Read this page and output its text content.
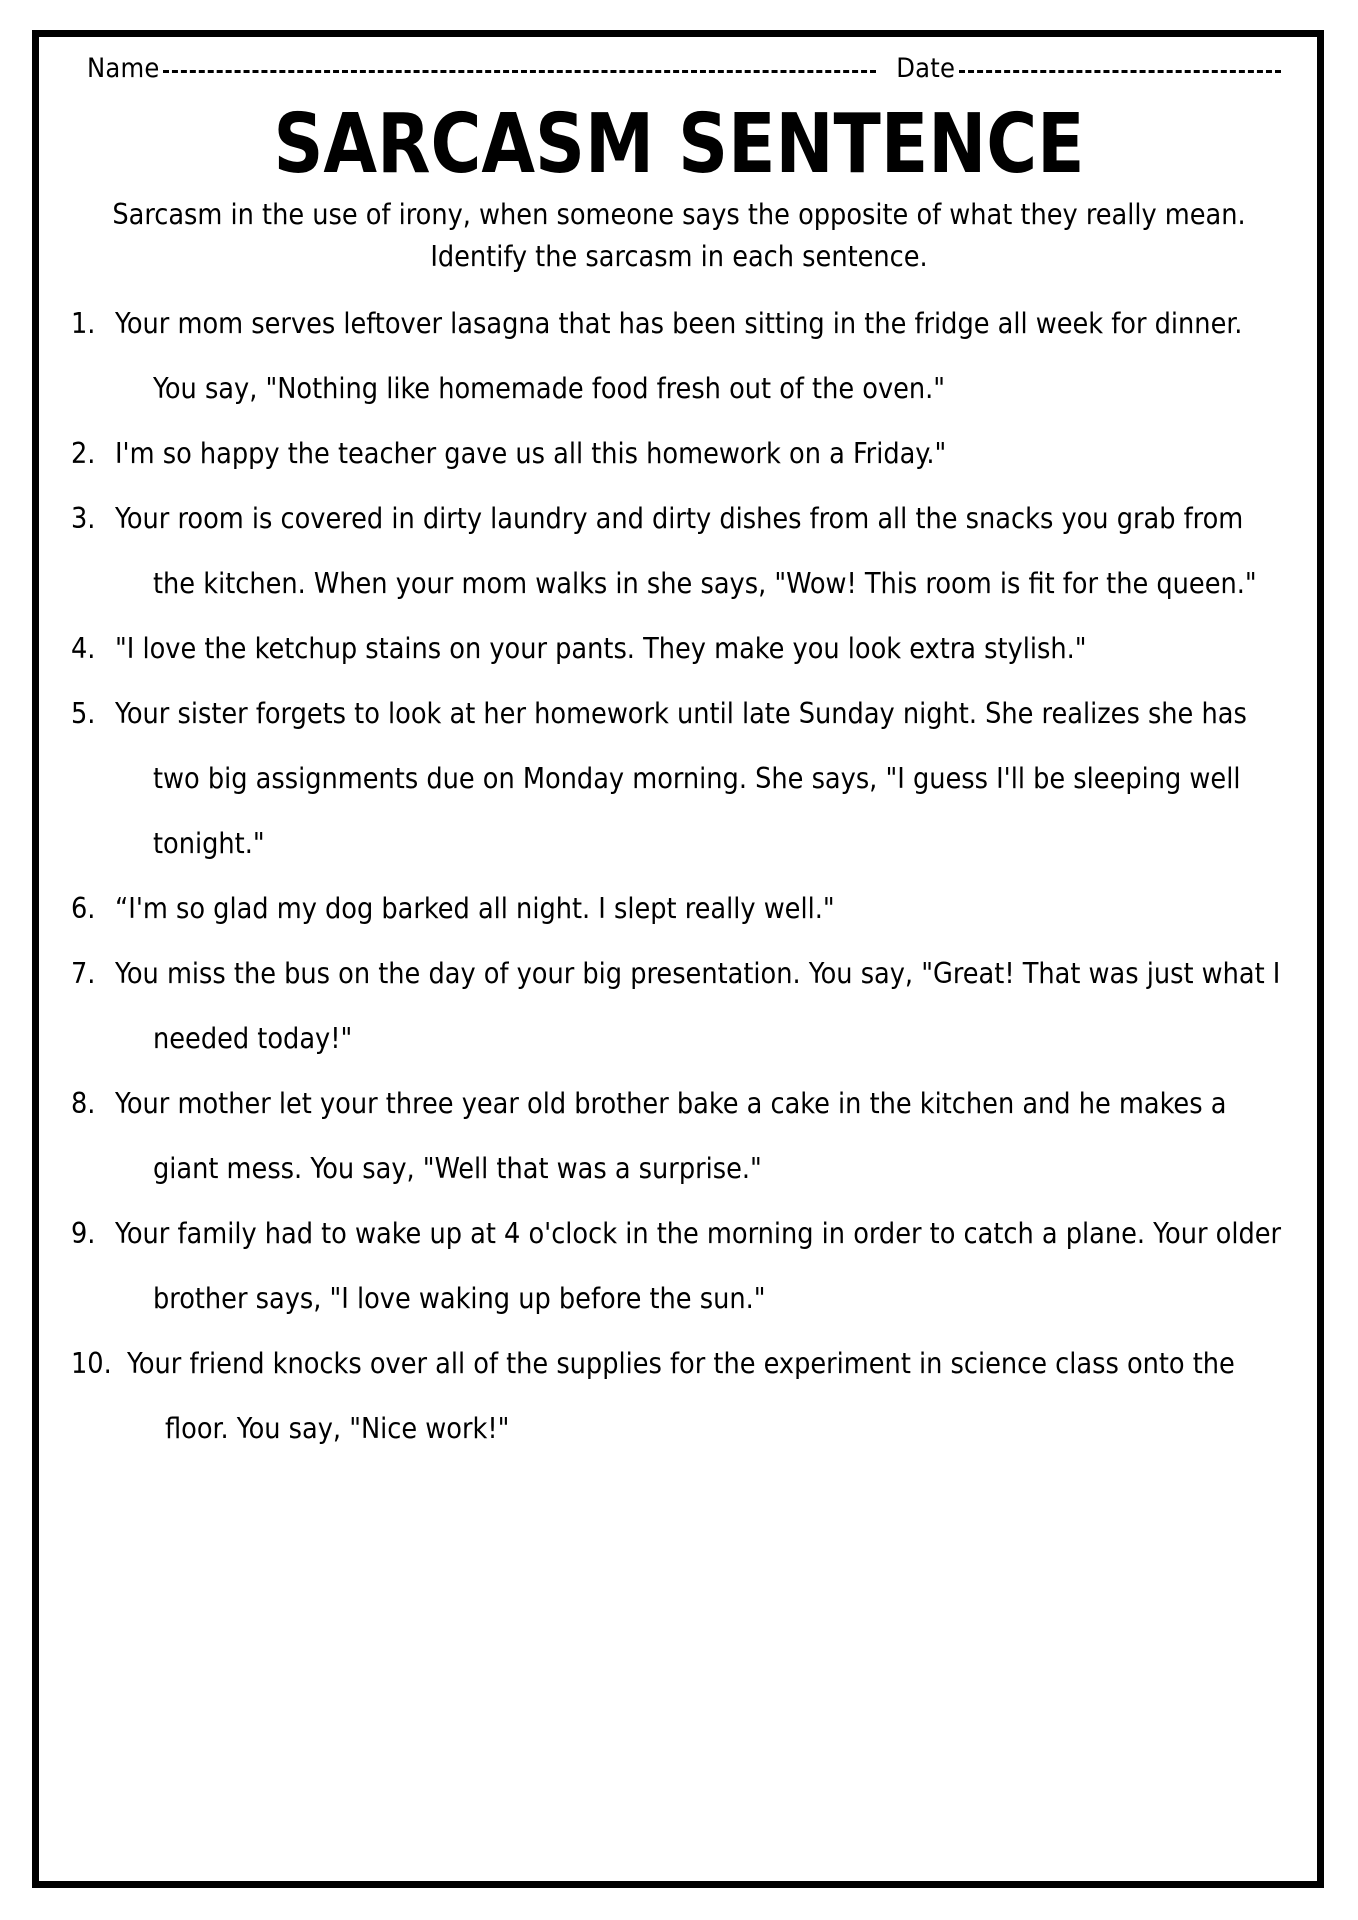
Name	Date
SARCASM SENTENCE
Sarcasm in the use of irony, when someone says the opposite of what they really mean. Identify the sarcasm in each sentence.
1. Your mom serves leftover lasagna that has been sitting in the fridge all week for dinner. You say, "Nothing like homemade food fresh out of the oven."
2. I'm so happy the teacher gave us all this homework on a Friday."
3. Your room is covered in dirty laundry and dirty dishes from all the snacks you grab from the kitchen. When your mom walks in she says, "Wow! This room is fit for the queen."
4. "I love the ketchup stains on your pants. They make you look extra stylish."
5. Your sister forgets to look at her homework until late Sunday night. She realizes she has two big assignments due on Monday morning. She says, "I guess I'll be sleeping well tonight."
6. “I'm so glad my dog barked all night. I slept really well."
7. You miss the bus on the day of your big presentation. You say, "Great! That was just what I needed today!"
8. Your mother let your three year old brother bake a cake in the kitchen and he makes a giant mess. You say, "Well that was a surprise."
9. Your family had to wake up at 4 o'clock in the morning in order to catch a plane. Your older brother says, "I love waking up before the sun."
10. Your friend knocks over all of the supplies for the experiment in science class onto the floor. You say, "Nice work!"
